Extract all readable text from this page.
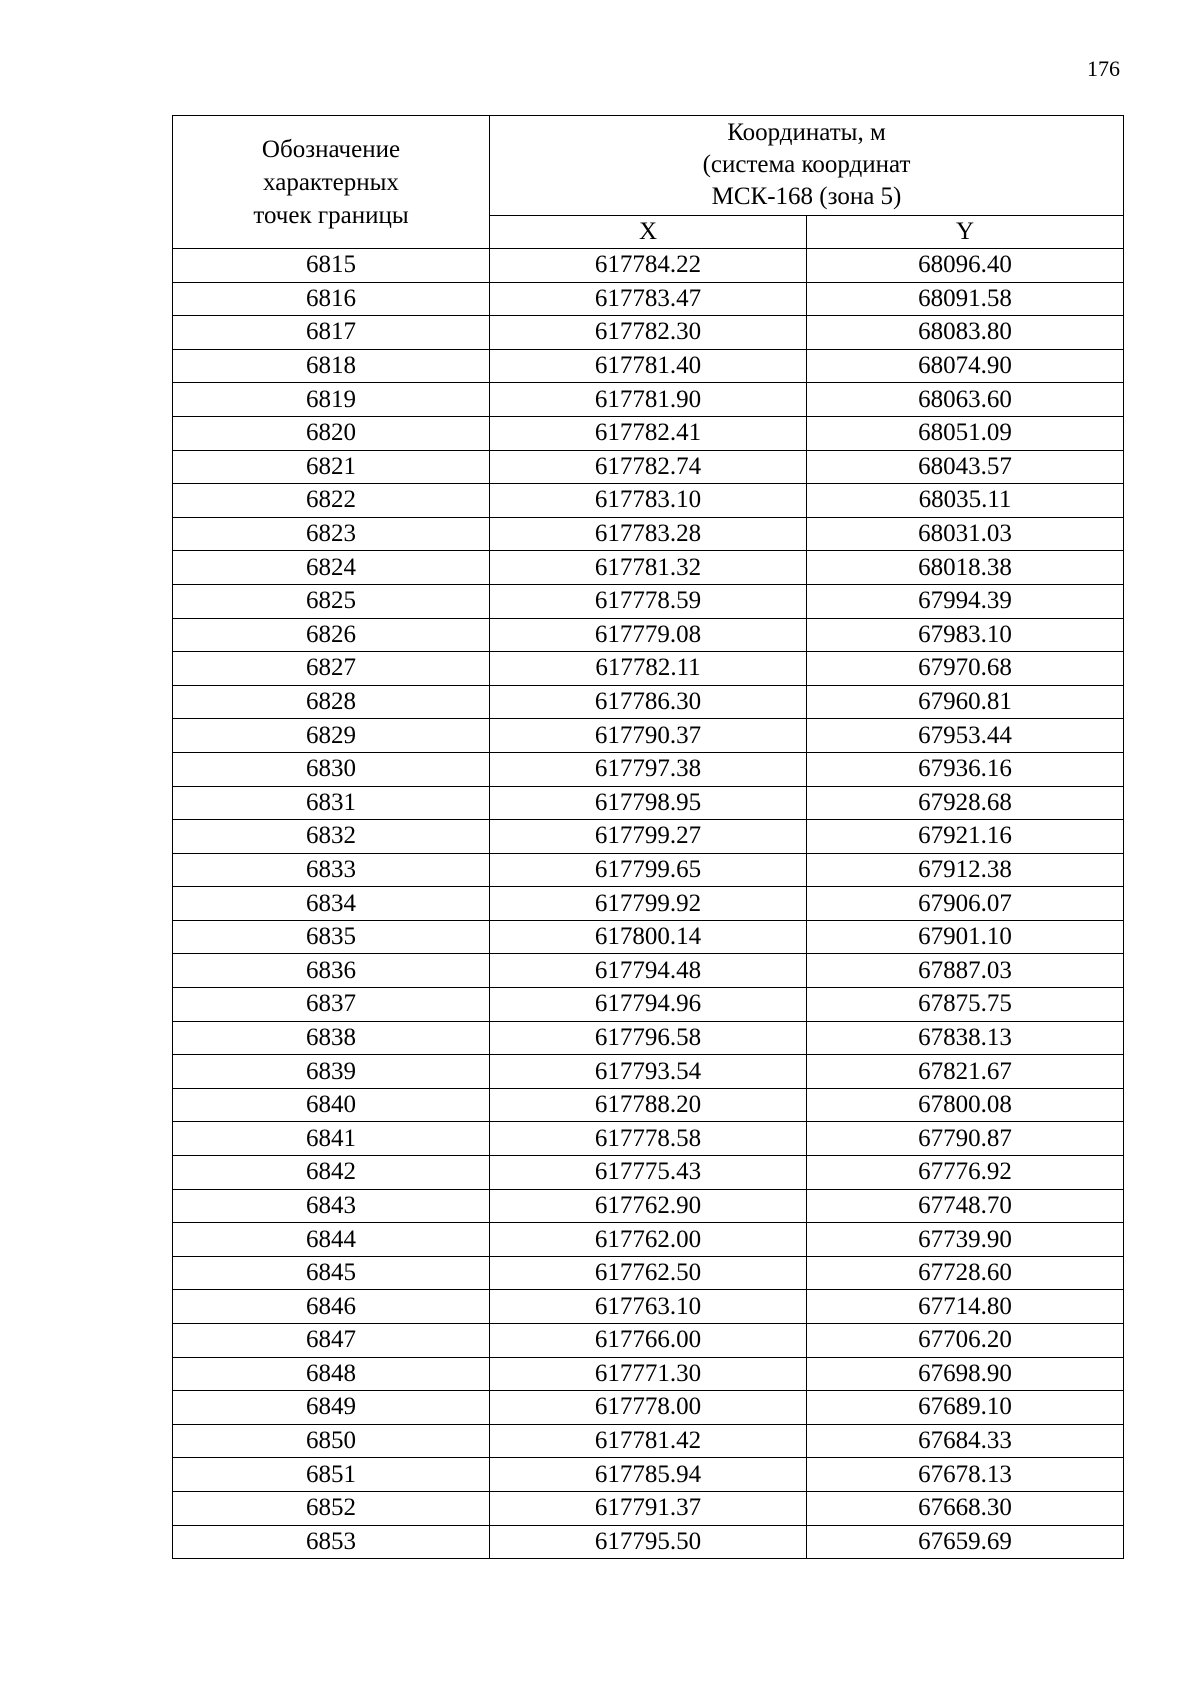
176
Обозначение
характерных
точек границы	Координаты, м
(система координат
МСК-168 (зона 5)	

	X	Y
6815	617784.22	68096.40
6816	617783.47	68091.58
6817	617782.30	68083.80
6818	617781.40	68074.90
6819	617781.90	68063.60
6820	617782.41	68051.09
6821	617782.74	68043.57
6822	617783.10	68035.11
6823	617783.28	68031.03
6824	617781.32	68018.38
6825	617778.59	67994.39
6826	617779.08	67983.10
6827	617782.11	67970.68
6828	617786.30	67960.81
6829	617790.37	67953.44
6830	617797.38	67936.16
6831	617798.95	67928.68
6832	617799.27	67921.16
6833	617799.65	67912.38
6834	617799.92	67906.07
6835	617800.14	67901.10
6836	617794.48	67887.03
6837	617794.96	67875.75
6838	617796.58	67838.13
6839	617793.54	67821.67
6840	617788.20	67800.08
6841	617778.58	67790.87
6842	617775.43	67776.92
6843	617762.90	67748.70
6844	617762.00	67739.90
6845	617762.50	67728.60
6846	617763.10	67714.80
6847	617766.00	67706.20
6848	617771.30	67698.90
6849	617778.00	67689.10
6850	617781.42	67684.33
6851	617785.94	67678.13
6852	617791.37	67668.30
6853	617795.50	67659.69
